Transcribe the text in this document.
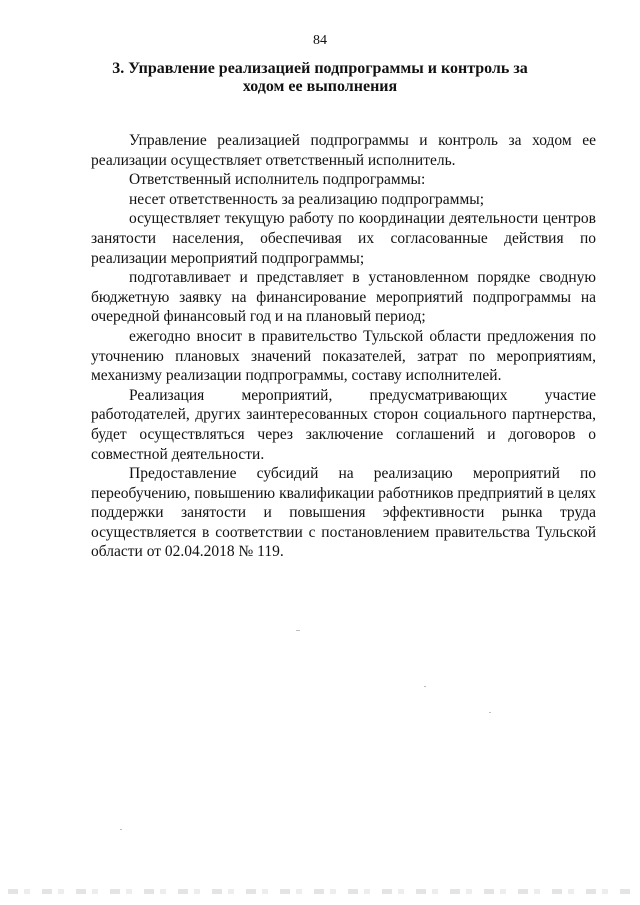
84
3. Управление реализацией подпрограммы и контроль за ходом ее выполнения

Управление реализацией подпрограммы и контроль за ходом ее реализации осуществляет ответственный исполнитель.

Ответственный исполнитель подпрограммы:

несет ответственность за реализацию подпрограммы;

осуществляет текущую работу по координации деятельности центров занятости населения, обеспечивая их согласованные действия по реализации мероприятий подпрограммы;

подготавливает и представляет в установленном порядке сводную бюджетную заявку на финансирование мероприятий подпрограммы на очередной финансовый год и на плановый период;

ежегодно вносит в правительство Тульской области предложения по уточнению плановых значений показателей, затрат по мероприятиям, механизму реализации подпрограммы, составу исполнителей.

Реализация мероприятий, предусматривающих участие работодателей, других заинтересованных сторон социального партнерства, будет осуществляться через заключение соглашений и договоров о совместной деятельности.

Предоставление субсидий на реализацию мероприятий по переобучению, повышению квалификации работников предприятий в целях поддержки занятости и повышения эффективности рынка труда осуществляется в соответствии с постановлением правительства Тульской области от 02.04.2018 № 119.
